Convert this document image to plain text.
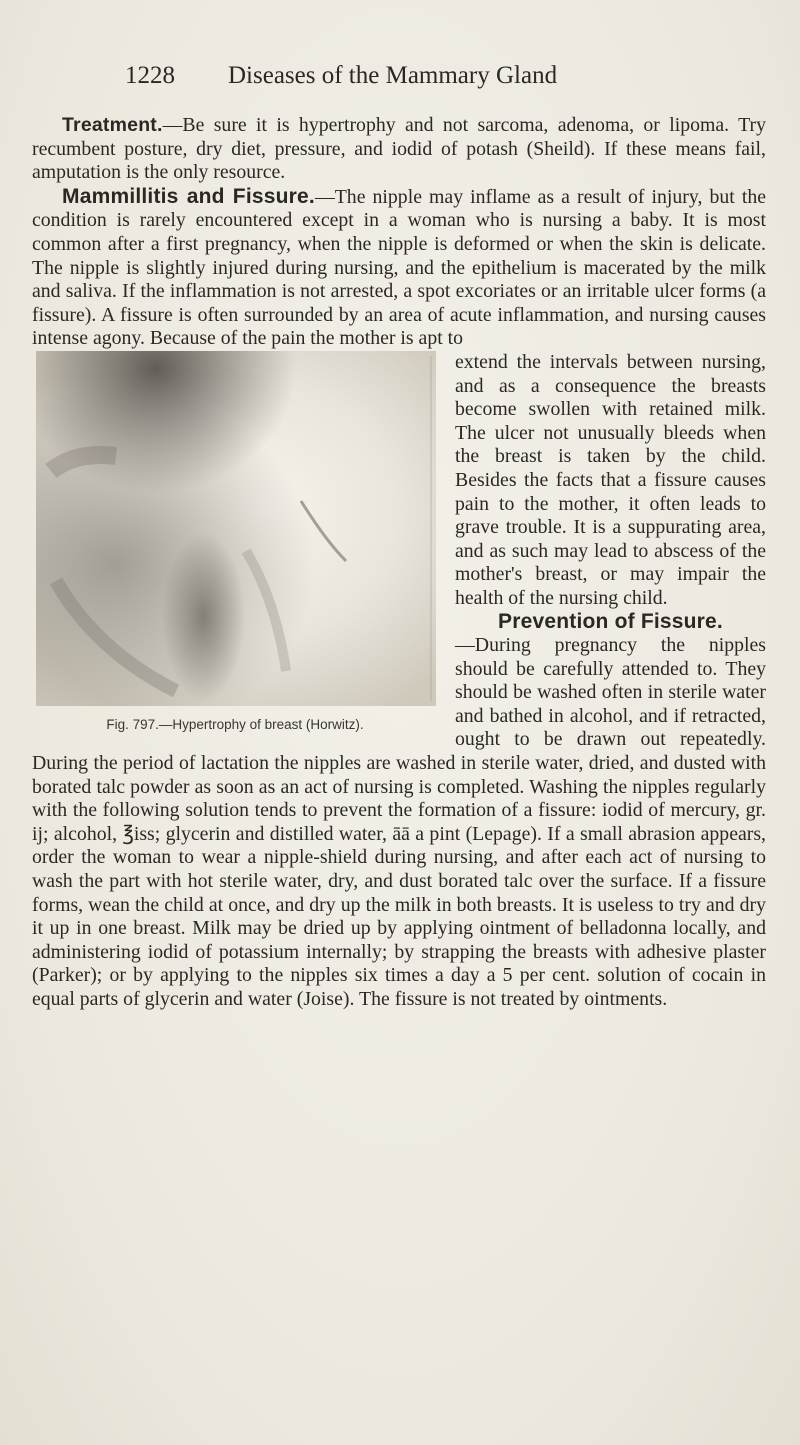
1228 Diseases of the Mammary Gland

Treatment.—Be sure it is hypertrophy and not sarcoma, adenoma, or lipoma. Try recumbent posture, dry diet, pressure, and iodid of potash (Sheild). If these means fail, amputation is the only resource.

Mammillitis and Fissure.—The nipple may inflame as a result of injury, but the condition is rarely encountered except in a woman who is nursing a baby. It is most common after a first pregnancy, when the nipple is deformed or when the skin is delicate. The nipple is slightly injured during nursing, and the epithelium is macerated by the milk and saliva. If the inflammation is not arrested, a spot excoriates or an irritable ulcer forms (a fissure). A fissure is often surrounded by an area of acute inflammation, and nursing causes intense agony. Because of the pain the mother is apt to

Fig. 797.—Hypertrophy of breast (Horwitz).

extend the intervals between nursing, and as a consequence the breasts become swollen with retained milk. The ulcer not unusually bleeds when the breast is taken by the child. Besides the facts that a fissure causes pain to the mother, it often leads to grave trouble. It is a suppurating area, and as such may lead to abscess of the mother's breast, or may impair the health of the nursing child.

Prevention of Fissure.
—During pregnancy the nipples should be carefully attended to. They should be washed often in sterile water and bathed in alcohol, and if retracted, ought to be drawn out repeatedly. During the period of lactation the nipples are washed in sterile water, dried, and dusted with borated talc powder as soon as an act of nursing is completed. Washing the nipples regularly with the following solution tends to prevent the formation of a fissure: iodid of mercury, gr. ij; alcohol, ℥iss; glycerin and distilled water, āā a pint (Lepage). If a small abrasion appears, order the woman to wear a nipple-shield during nursing, and after each act of nursing to wash the part with hot sterile water, dry, and dust borated talc over the surface. If a fissure forms, wean the child at once, and dry up the milk in both breasts. It is useless to try and dry it up in one breast. Milk may be dried up by applying ointment of belladonna locally, and administering iodid of potassium internally; by strapping the breasts with adhesive plaster (Parker); or by applying to the nipples six times a day a 5 per cent. solution of cocain in equal parts of glycerin and water (Joise). The fissure is not treated by ointments.
